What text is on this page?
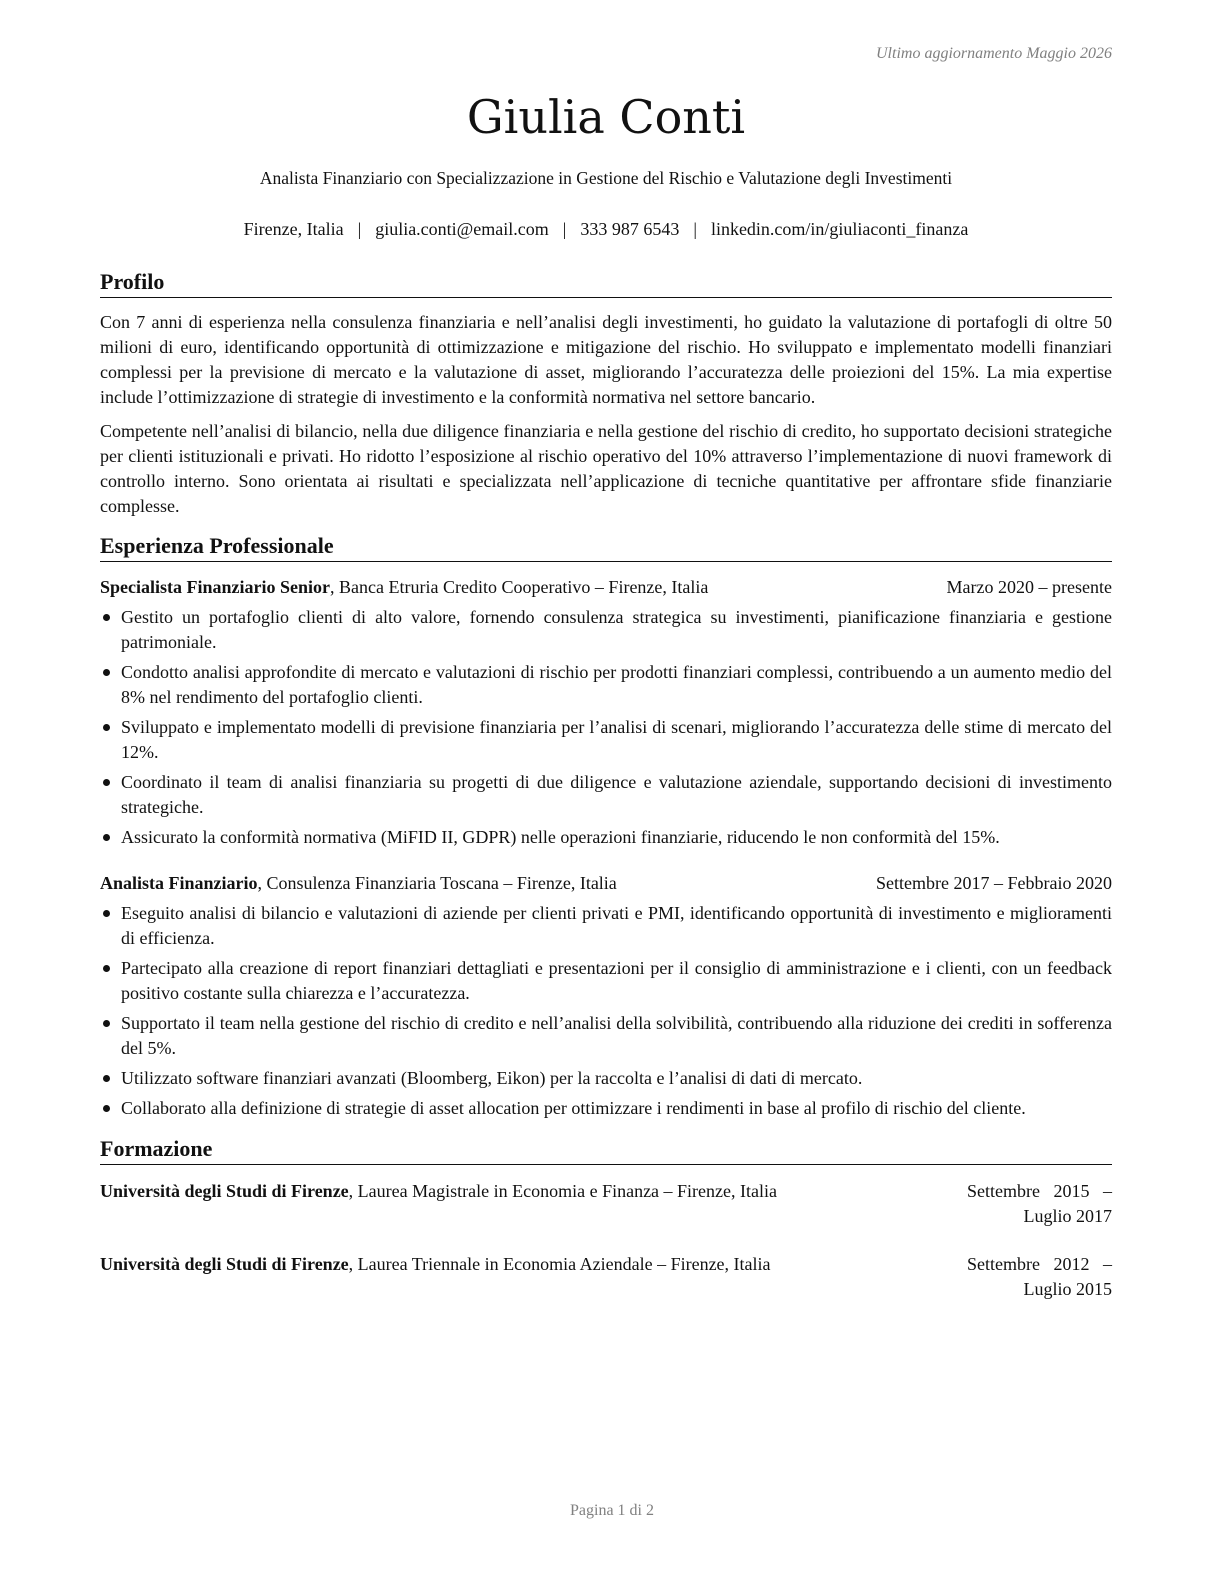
Ultimo aggiornamento Maggio 2026
Giulia Conti
Analista Finanziario con Specializzazione in Gestione del Rischio e Valutazione degli Investimenti
Firenze, Italia | giulia.conti@email.com | 333 987 6543 | linkedin.com/in/giuliaconti_finanza
Profilo

Con 7 anni di esperienza nella consulenza finanziaria e nell’analisi degli investimenti, ho guidato la valutazione di portafogli di oltre 50 milioni di euro, identificando opportunità di ottimizzazione e mitigazione del rischio. Ho sviluppato e implementato modelli finanziari complessi per la previsione di mercato e la valutazione di asset, migliorando l’accuratezza delle proiezioni del 15%. La mia expertise include l’ottimizzazione di strategie di investimento e la conformità normativa nel settore bancario.

Competente nell’analisi di bilancio, nella due diligence finanziaria e nella gestione del rischio di credito, ho supportato decisioni strategiche per clienti istituzionali e privati. Ho ridotto l’esposizione al rischio operativo del 10% attraverso l’implementazione di nuovi framework di controllo interno. Sono orientata ai risultati e specializzata nell’applicazione di tecniche quantitative per affrontare sfide finanziarie complesse.

Esperienza Professionale
Specialista Finanziario Senior, Banca Etruria Credito Cooperativo – Firenze, Italia	Marzo 2020 – presente
Gestito un portafoglio clienti di alto valore, fornendo consulenza strategica su investimenti, pianificazione finanziaria e gestione patrimoniale.
Condotto analisi approfondite di mercato e valutazioni di rischio per prodotti finanziari complessi, contribuendo a un aumento medio del 8% nel rendimento del portafoglio clienti.
Sviluppato e implementato modelli di previsione finanziaria per l’analisi di scenari, migliorando l’accuratezza delle stime di mercato del 12%.
Coordinato il team di analisi finanziaria su progetti di due diligence e valutazione aziendale, supportando decisioni di investimento strategiche.
Assicurato la conformità normativa (MiFID II, GDPR) nelle operazioni finanziarie, riducendo le non conformità del 15%.
Analista Finanziario, Consulenza Finanziaria Toscana – Firenze, Italia	Settembre 2017 – Febbraio 2020
Eseguito analisi di bilancio e valutazioni di aziende per clienti privati e PMI, identificando opportunità di investimento e miglioramenti di efficienza.
Partecipato alla creazione di report finanziari dettagliati e presentazioni per il consiglio di amministrazione e i clienti, con un feedback positivo costante sulla chiarezza e l’accuratezza.
Supportato il team nella gestione del rischio di credito e nell’analisi della solvibilità, contribuendo alla riduzione dei crediti in sofferenza del 5%.
Utilizzato software finanziari avanzati (Bloomberg, Eikon) per la raccolta e l’analisi di dati di mercato.
Collaborato alla definizione di strategie di asset allocation per ottimizzare i rendimenti in base al profilo di rischio del cliente.
Formazione
Università degli Studi di Firenze, Laurea Magistrale in Economia e Finanza – Firenze, Italia	Settembre 2015 – Luglio 2017
Università degli Studi di Firenze, Laurea Triennale in Economia Aziendale – Firenze, Italia	Settembre 2012 – Luglio 2015
Pagina 1 di 2
